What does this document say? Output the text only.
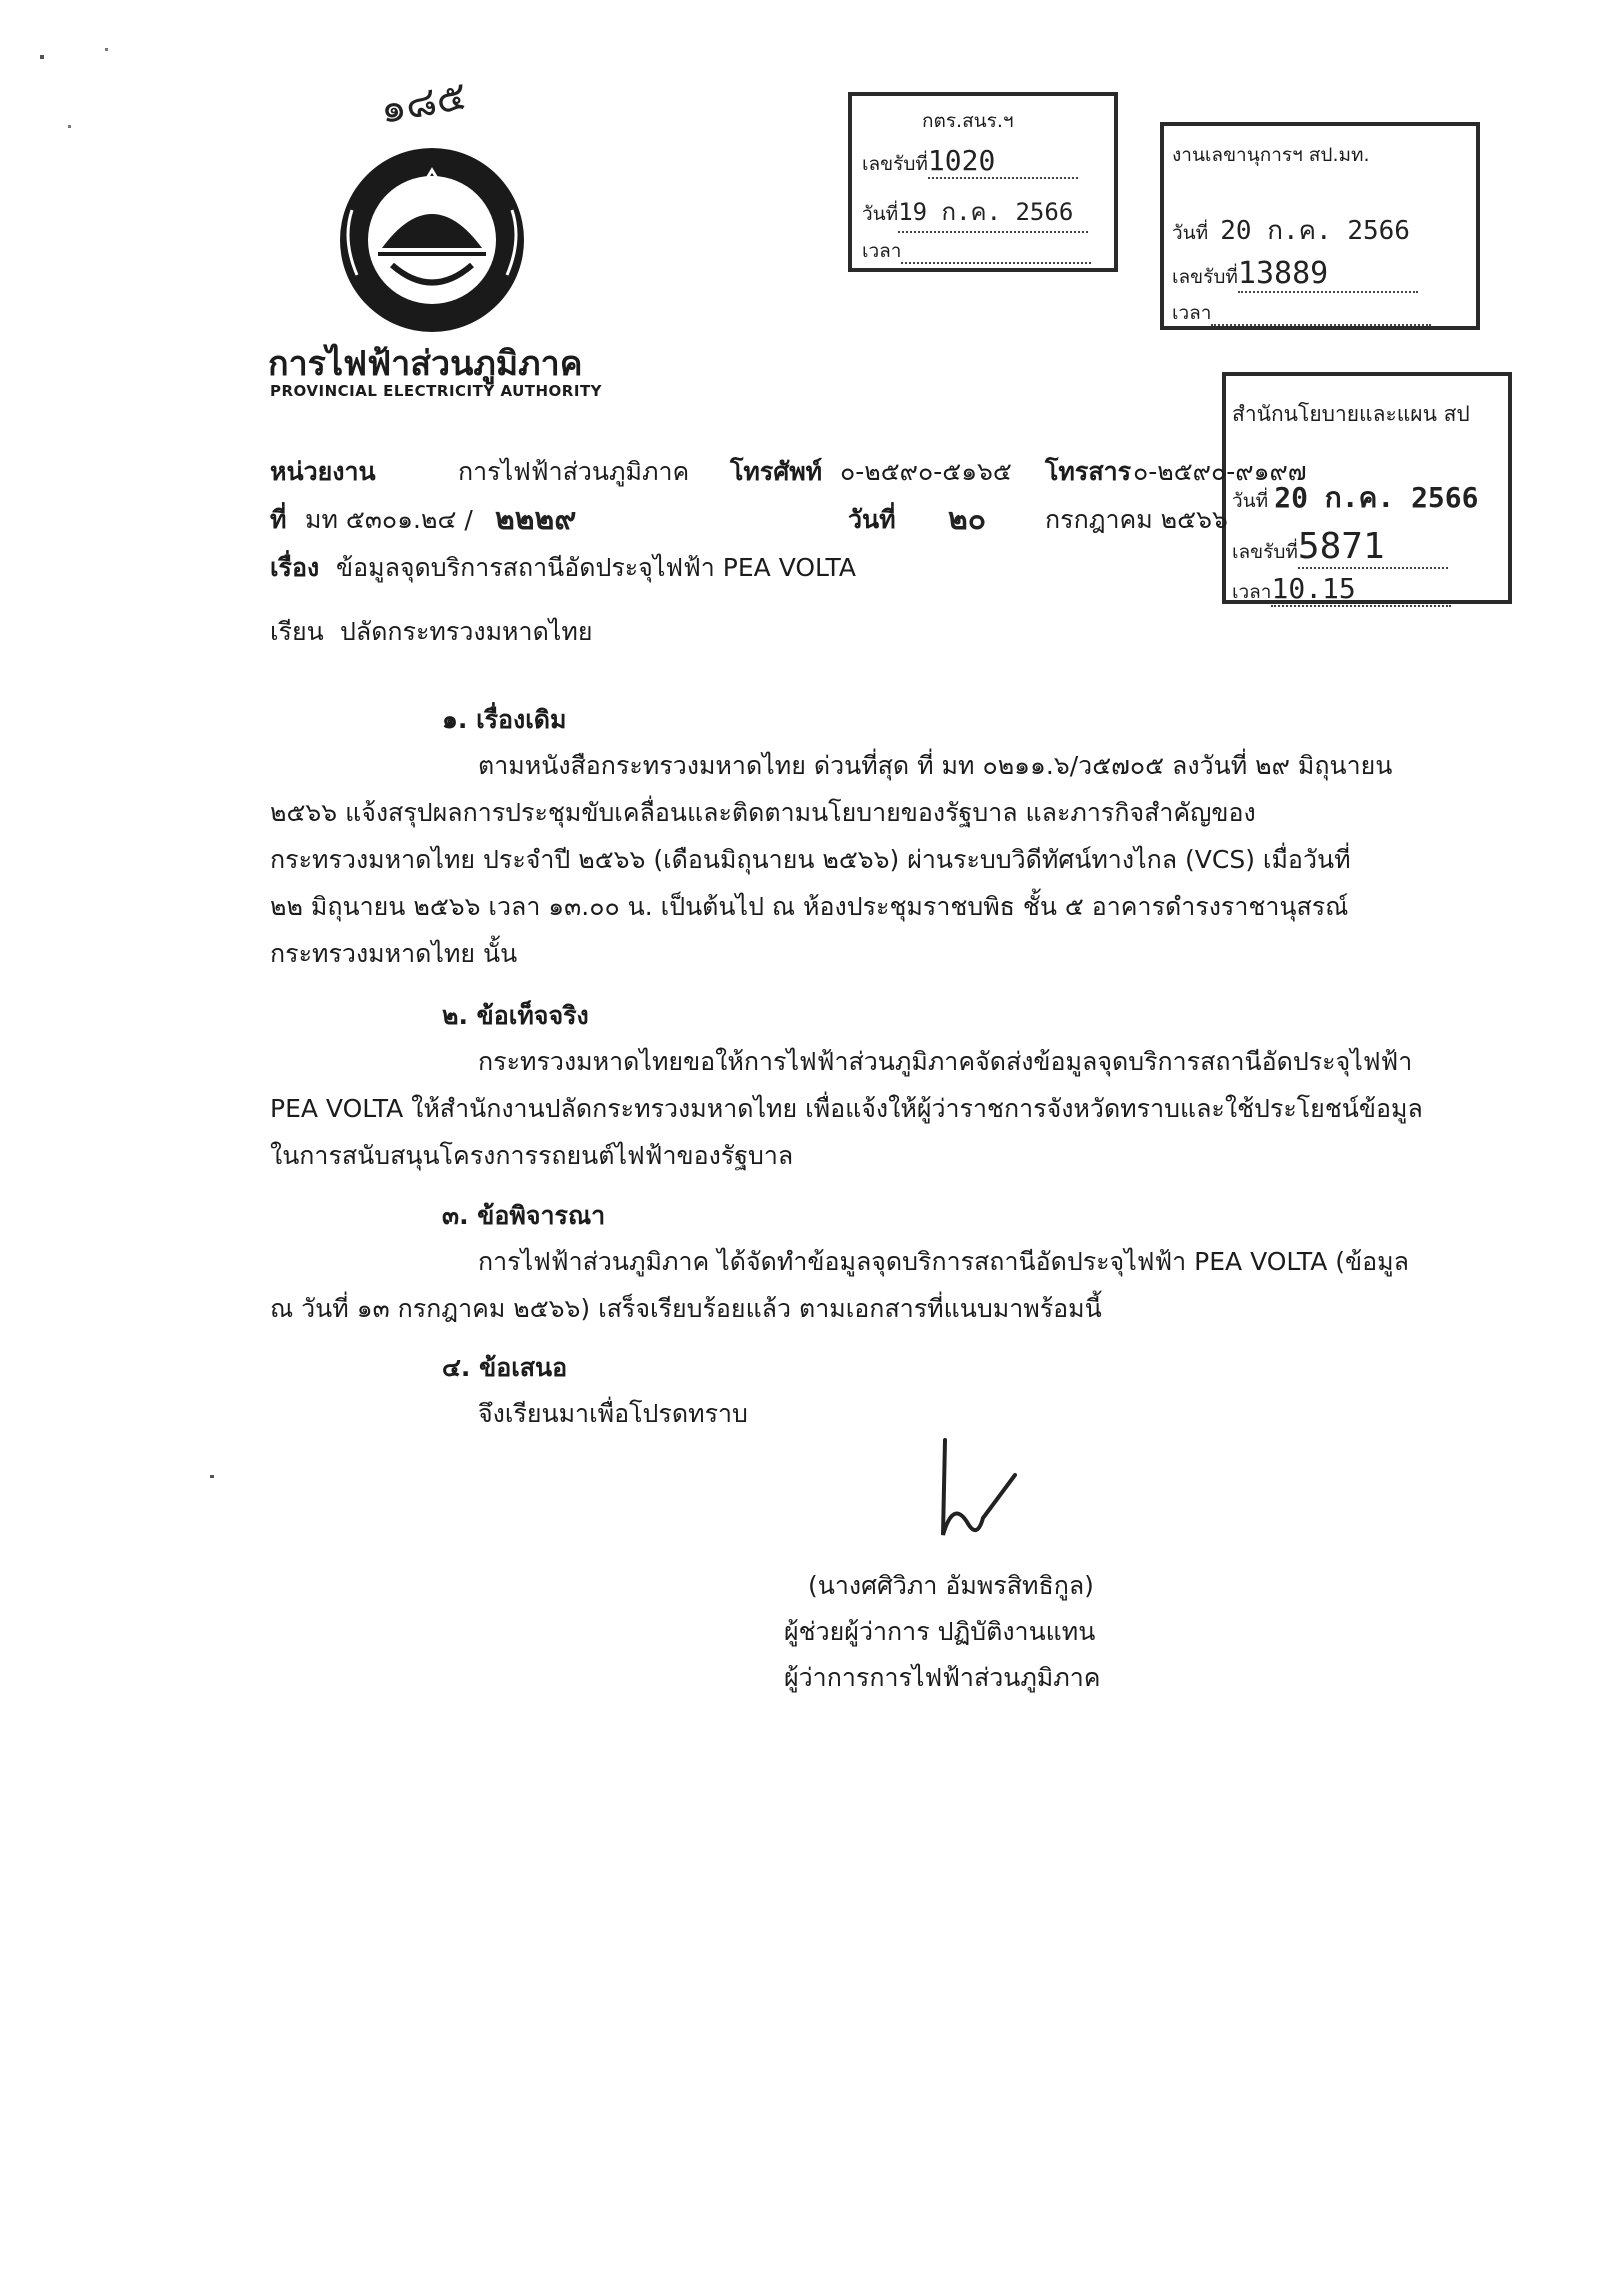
๑๘๕
การไฟฟ้าส่วนภูมิภาค
PROVINCIAL ELECTRICITY AUTHORITY
กตร.สนร.ฯ
เลขรับที่1020
วันที่19 ก.ค. 2566
เวลา
งานเลขานุการฯ สป.มท.
วันที่ 20 ก.ค. 2566
เลขรับที่13889
เวลา
สำนักนโยบายและแผน สป
วันที่ 20 ก.ค. 2566
เลขรับที่5871
เวลา10.15
หน่วยงาน	การไฟฟ้าส่วนภูมิภาค โทรศัพท์ ๐-๒๕๙๐-๕๑๖๕ โทรสาร ๐-๒๕๙๐-๙๑๙๗
ที่ มท ๕๓๐๑.๒๔ / ๒๒๒๙	วันที่ ๒๐ กรกฎาคม ๒๕๖๖
เรื่อง ข้อมูลจุดบริการสถานีอัดประจุไฟฟ้า PEA VOLTA
เรียน ปลัดกระทรวงมหาดไทย
๑. เรื่องเดิม
ตามหนังสือกระทรวงมหาดไทย ด่วนที่สุด ที่ มท ๐๒๑๑.๖/ว๕๗๐๕ ลงวันที่ ๒๙ มิถุนายน
๒๕๖๖ แจ้งสรุปผลการประชุมขับเคลื่อนและติดตามนโยบายของรัฐบาล และภารกิจสำคัญของ
กระทรวงมหาดไทย ประจำปี ๒๕๖๖ (เดือนมิถุนายน ๒๕๖๖) ผ่านระบบวิดีทัศน์ทางไกล (VCS) เมื่อวันที่
๒๒ มิถุนายน ๒๕๖๖ เวลา ๑๓.๐๐ น. เป็นต้นไป ณ ห้องประชุมราชบพิธ ชั้น ๕ อาคารดำรงราชานุสรณ์
กระทรวงมหาดไทย นั้น
๒. ข้อเท็จจริง
กระทรวงมหาดไทยขอให้การไฟฟ้าส่วนภูมิภาคจัดส่งข้อมูลจุดบริการสถานีอัดประจุไฟฟ้า
PEA VOLTA ให้สำนักงานปลัดกระทรวงมหาดไทย เพื่อแจ้งให้ผู้ว่าราชการจังหวัดทราบและใช้ประโยชน์ข้อมูล
ในการสนับสนุนโครงการรถยนต์ไฟฟ้าของรัฐบาล
๓. ข้อพิจารณา
การไฟฟ้าส่วนภูมิภาค ได้จัดทำข้อมูลจุดบริการสถานีอัดประจุไฟฟ้า PEA VOLTA (ข้อมูล
ณ วันที่ ๑๓ กรกฎาคม ๒๕๖๖) เสร็จเรียบร้อยแล้ว ตามเอกสารที่แนบมาพร้อมนี้
๔. ข้อเสนอ
จึงเรียนมาเพื่อโปรดทราบ
(นางศศิวิภา อัมพรสิทธิกูล)
ผู้ช่วยผู้ว่าการ ปฏิบัติงานแทน
ผู้ว่าการการไฟฟ้าส่วนภูมิภาค
